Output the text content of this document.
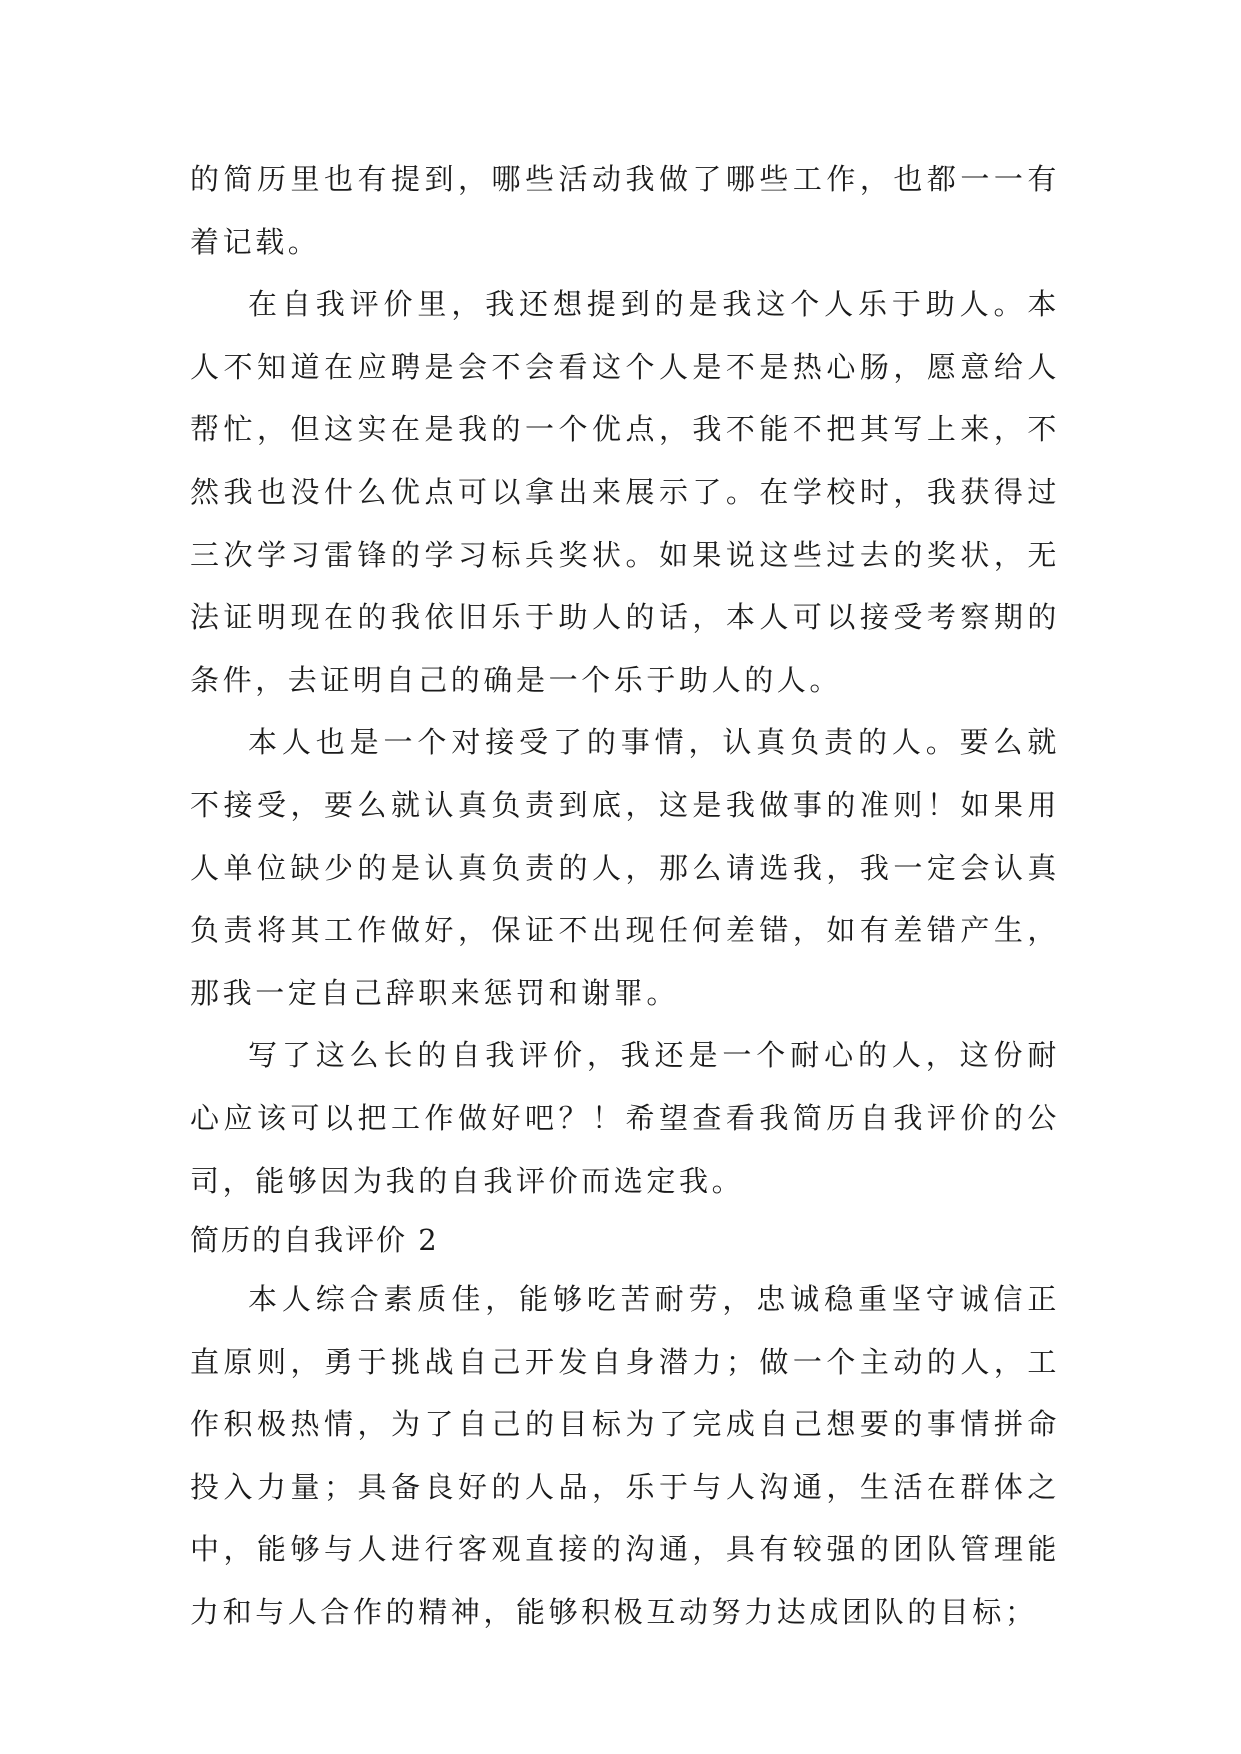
的简历里也有提到，哪些活动我做了哪些工作，也都一一有着记载。

在自我评价里，我还想提到的是我这个人乐于助人。本人不知道在应聘是会不会看这个人是不是热心肠，愿意给人帮忙，但这实在是我的一个优点，我不能不把其写上来，不然我也没什么优点可以拿出来展示了。在学校时，我获得过三次学习雷锋的学习标兵奖状。如果说这些过去的奖状，无法证明现在的我依旧乐于助人的话，本人可以接受考察期的条件，去证明自己的确是一个乐于助人的人。

本人也是一个对接受了的事情，认真负责的人。要么就不接受，要么就认真负责到底，这是我做事的准则！如果用人单位缺少的是认真负责的人，那么请选我，我一定会认真负责将其工作做好，保证不出现任何差错，如有差错产生，那我一定自己辞职来惩罚和谢罪。

写了这么长的自我评价，我还是一个耐心的人，这份耐心应该可以把工作做好吧？！希望查看我简历自我评价的公司，能够因为我的自我评价而选定我。

简历的自我评价 2

本人综合素质佳，能够吃苦耐劳，忠诚稳重坚守诚信正直原则，勇于挑战自己开发自身潜力；做一个主动的人，工作积极热情，为了自己的目标为了完成自己想要的事情拼命投入力量；具备良好的人品，乐于与人沟通，生活在群体之中，能够与人进行客观直接的沟通，具有较强的团队管理能力和与人合作的精神，能够积极互动努力达成团队的目标；
